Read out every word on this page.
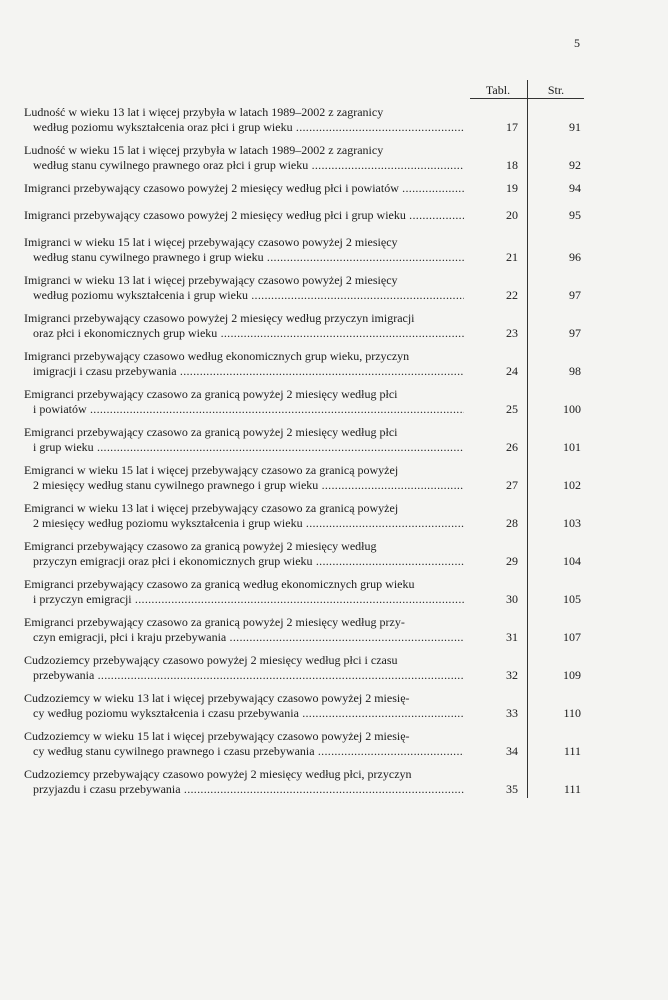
5
Tabl.	Str.
Ludność w wieku 13 lat i więcej przybyła w latach 1989–2002 z zagranicy
według poziomu wykształcenia oraz płci i grup wieku .....	17	91
Ludność w wieku 15 lat i więcej przybyła w latach 1989–2002 z zagranicy
według stanu cywilnego prawnego oraz płci i grup wieku .....	18	92
Imigranci przebywający czasowo powyżej 2 miesięcy według płci i powiatów .....	19	94
Imigranci przebywający czasowo powyżej 2 miesięcy według płci i grup wieku .....	20	95
Imigranci w wieku 15 lat i więcej przebywający czasowo powyżej 2 miesięcy
według stanu cywilnego prawnego i grup wieku .....	21	96
Imigranci w wieku 13 lat i więcej przebywający czasowo powyżej 2 miesięcy
według poziomu wykształcenia i grup wieku .....	22	97
Imigranci przebywający czasowo powyżej 2 miesięcy według przyczyn imigracji
oraz płci i ekonomicznych grup wieku .....	23	97
Imigranci przebywający czasowo według ekonomicznych grup wieku, przyczyn
imigracji i czasu przebywania .....	24	98
Emigranci przebywający czasowo za granicą powyżej 2 miesięcy według płci
i powiatów .....	25	100
Emigranci przebywający czasowo za granicą powyżej 2 miesięcy według płci
i grup wieku .....	26	101
Emigranci w wieku 15 lat i więcej przebywający czasowo za granicą powyżej
2 miesięcy według stanu cywilnego prawnego i grup wieku .....	27	102
Emigranci w wieku 13 lat i więcej przebywający czasowo za granicą powyżej
2 miesięcy według poziomu wykształcenia i grup wieku .....	28	103
Emigranci przebywający czasowo za granicą powyżej 2 miesięcy według
przyczyn emigracji oraz płci i ekonomicznych grup wieku .....	29	104
Emigranci przebywający czasowo za granicą według ekonomicznych grup wieku
i przyczyn emigracji .....	30	105
Emigranci przebywający czasowo za granicą powyżej 2 miesięcy według przy-
czyn emigracji, płci i kraju przebywania .....	31	107
Cudzoziemcy przebywający czasowo powyżej 2 miesięcy według płci i czasu
przebywania .....	32	109
Cudzoziemcy w wieku 13 lat i więcej przebywający czasowo powyżej 2 miesię-
cy według poziomu wykształcenia i czasu przebywania .....	33	110
Cudzoziemcy w wieku 15 lat i więcej przebywający czasowo powyżej 2 miesię-
cy według stanu cywilnego prawnego i czasu przebywania .....	34	111
Cudzoziemcy przebywający czasowo powyżej 2 miesięcy według płci, przyczyn
przyjazdu i czasu przebywania .....	35	111
